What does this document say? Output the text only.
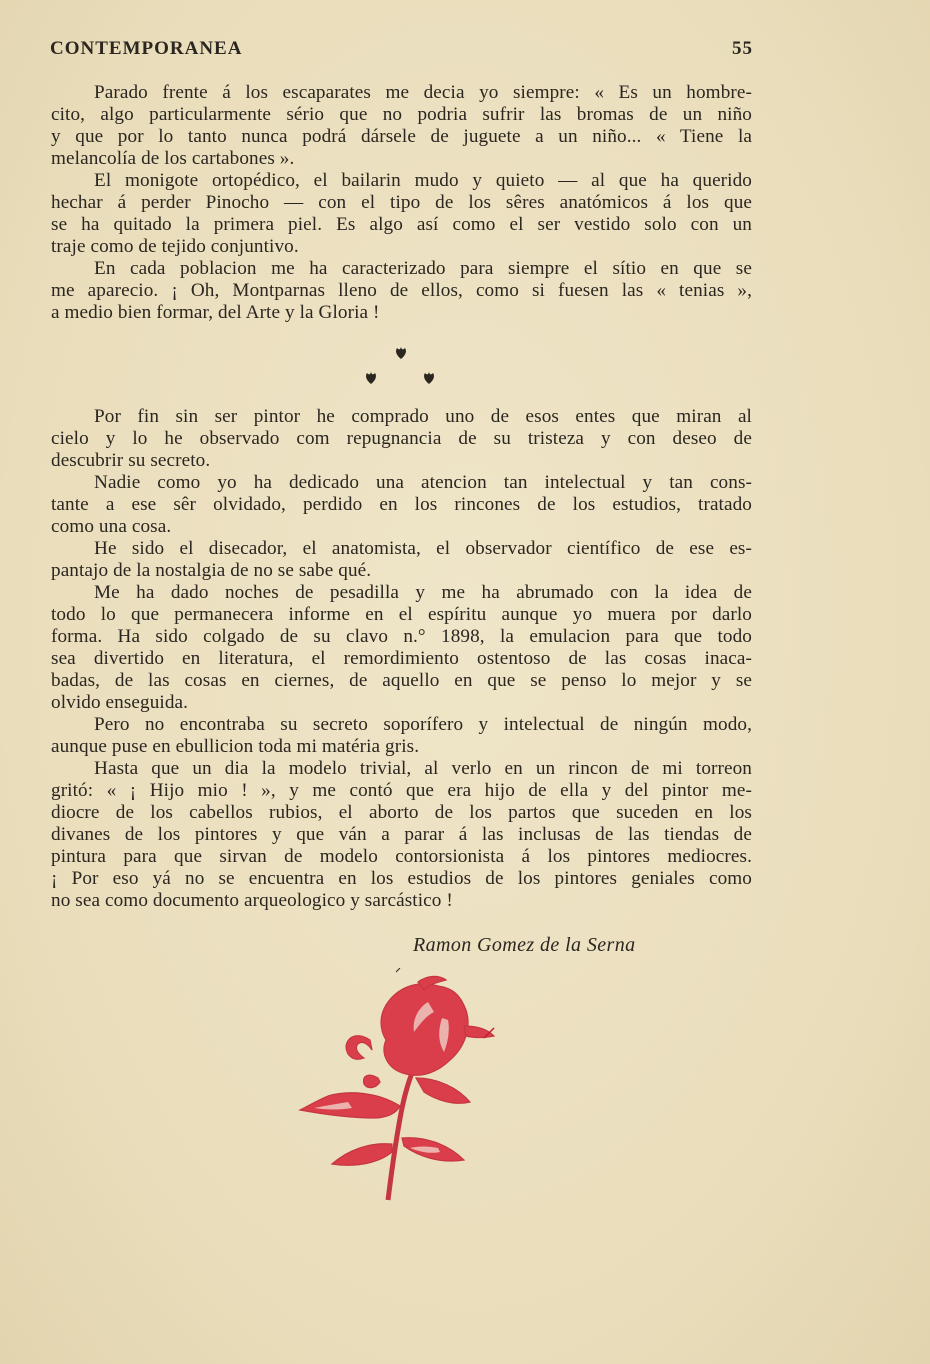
CONTEMPORANEA	55
Parado frente á los escaparates me decia yo siempre: « Es un hombre-
cito, algo particularmente sério que no podria sufrir las bromas de un niño
y que por lo tanto nunca podrá dársele de juguete a un niño... « Tiene la
melancolía de los cartabones ».
El monigote ortopédico, el bailarin mudo y quieto — al que ha querido
hechar á perder Pinocho — con el tipo de los sêres anatómicos á los que
se ha quitado la primera piel. Es algo así como el ser vestido solo con un
traje como de tejido conjuntivo.
En cada poblacion me ha caracterizado para siempre el sítio en que se
me aparecio. ¡ Oh, Montparnas lleno de ellos, como si fuesen las « tenias »,
a medio bien formar, del Arte y la Gloria !
Por fin sin ser pintor he comprado uno de esos entes que miran al
cielo y lo he observado com repugnancia de su tristeza y con deseo de
descubrir su secreto.
Nadie como yo ha dedicado una atencion tan intelectual y tan cons-
tante a ese sêr olvidado, perdido en los rincones de los estudios, tratado
como una cosa.
He sido el disecador, el anatomista, el observador científico de ese es-
pantajo de la nostalgia de no se sabe qué.
Me ha dado noches de pesadilla y me ha abrumado con la idea de
todo lo que permanecera informe en el espíritu aunque yo muera por darlo
forma. Ha sido colgado de su clavo n.° 1898, la emulacion para que todo
sea divertido en literatura, el remordimiento ostentoso de las cosas inaca-
badas, de las cosas en ciernes, de aquello en que se penso lo mejor y se
olvido enseguida.
Pero no encontraba su secreto soporífero y intelectual de ningún modo,
aunque puse en ebullicion toda mi matéria gris.
Hasta que un dia la modelo trivial, al verlo en un rincon de mi torreon
gritó: « ¡ Hijo mio ! », y me contó que era hijo de ella y del pintor me-
diocre de los cabellos rubios, el aborto de los partos que suceden en los
divanes de los pintores y que ván a parar á las inclusas de las tiendas de
pintura para que sirvan de modelo contorsionista á los pintores mediocres.
¡ Por eso yá no se encuentra en los estudios de los pintores geniales como
no sea como documento arqueologico y sarcástico !
Ramon Gomez de la Serna
